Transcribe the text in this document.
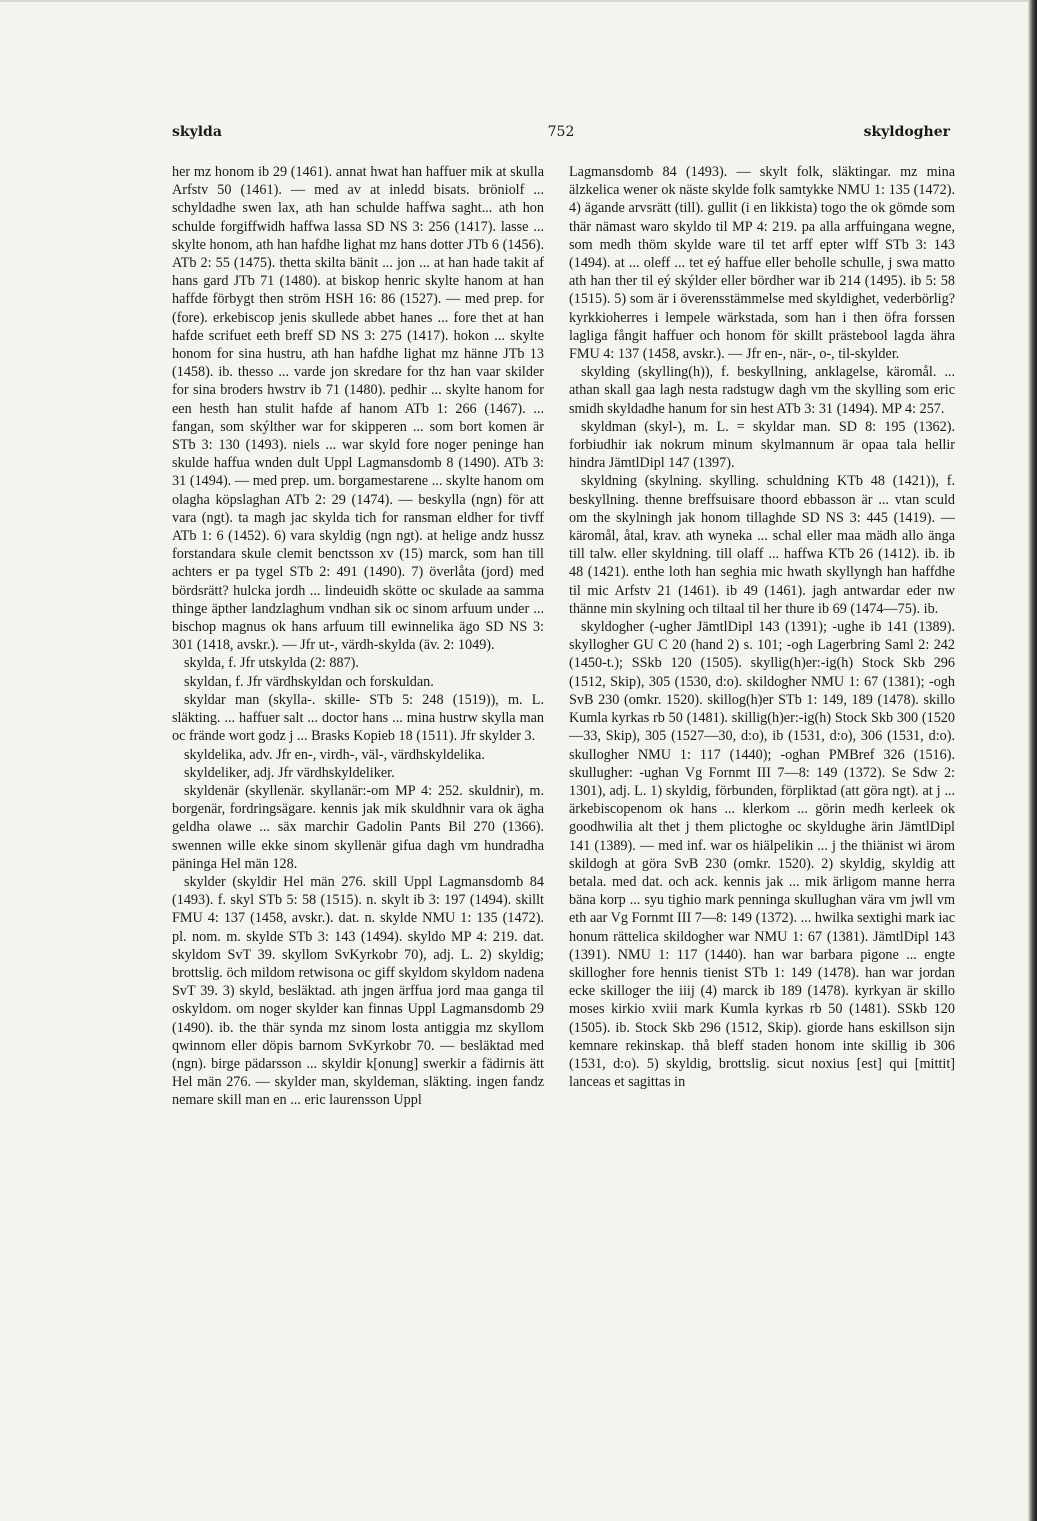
skylda	752	skyldogher

her mz honom ib 29 (1461). annat hwat han haffuer mik at skulla Arfstv 50 (1461). — med av at inledd bisats. bröniolf ... schyldadhe swen lax, ath han schulde haffwa saght... ath hon schulde forgiffwidh haffwa lassa SD NS 3: 256 (1417). lasse ... skylte honom, ath han hafdhe lighat mz hans dotter JTb 6 (1456). ATb 2: 55 (1475). thetta skilta bänit ... jon ... at han hade takit af hans gard JTb 71 (1480). at biskop henric skylte hanom at han haffde förbygt then ström HSH 16: 86 (1527). — med prep. for (fore). erkebiscop jenis skullede abbet hanes ... fore thet at han hafde scrifuet eeth breff SD NS 3: 275 (1417). hokon ... skylte honom for sina hustru, ath han hafdhe lighat mz hänne JTb 13 (1458). ib. thesso ... varde jon skredare for thz han vaar skilder for sina broders hwstrv ib 71 (1480). pedhir ... skylte hanom for een hesth han stulit hafde af hanom ATb 1: 266 (1467). ... fangan, som skýlther war for skipperen ... som bort komen är STb 3: 130 (1493). niels ... war skyld fore noger peninge han skulde haffua wnden dult Uppl Lagmansdomb 8 (1490). ATb 3: 31 (1494). — med prep. um. borgamestarene ... skylte hanom om olagha köpslaghan ATb 2: 29 (1474). — beskylla (ngn) för att vara (ngt). ta magh jac skylda tich for ransman eldher for tivff ATb 1: 6 (1452). 6) vara skyldig (ngn ngt). at helige andz hussz forstandara skule clemit benctsson xv (15) marck, som han till achters er pa tygel STb 2: 491 (1490). 7) överlåta (jord) med bördsrätt? hulcka jordh ... lindeuidh skötte oc skulade aa samma thinge äpther landzlaghum vndhan sik oc sinom arfuum under ... bischop magnus ok hans arfuum till ewinnelika ägo SD NS 3: 301 (1418, avskr.). — Jfr ut-, värdh-skylda (äv. 2: 1049).

skylda, f. Jfr utskylda (2: 887).

skyldan, f. Jfr värdhskyldan och forskuldan.

skyldar man (skylla-. skille- STb 5: 248 (1519)), m. L. släkting. ... haffuer salt ... doctor hans ... mina hustrw skylla man oc frände wort godz j ... Brasks Kopieb 18 (1511). Jfr skylder 3.

skyldelika, adv. Jfr en-, virdh-, väl-, värdhskyldelika.

skyldeliker, adj. Jfr värdhskyldeliker.

skyldenär (skyllenär. skyllanär:-om MP 4: 252. skuldnir), m. borgenär, fordringsägare. kennis jak mik skuldhnir vara ok ägha geldha olawe ... säx marchir Gadolin Pants Bil 270 (1366). swennen wille ekke sinom skyllenär gifua dagh vm hundradha päninga Hel män 128.

skylder (skyldir Hel män 276. skill Uppl Lagmansdomb 84 (1493). f. skyl STb 5: 58 (1515). n. skylt ib 3: 197 (1494). skillt FMU 4: 137 (1458, avskr.). dat. n. skylde NMU 1: 135 (1472). pl. nom. m. skylde STb 3: 143 (1494). skyldo MP 4: 219. dat. skyldom SvT 39. skyllom SvKyrkobr 70), adj. L. 2) skyldig; brottslig. öch mildom retwisona oc giff skyldom skyldom nadena SvT 39. 3) skyld, besläktad. ath jngen ärffua jord maa ganga til oskyldom. om noger skylder kan finnas Uppl Lagmansdomb 29 (1490). ib. the thär synda mz sinom losta antiggia mz skyllom qwinnom eller döpis barnom SvKyrkobr 70. — besläktad med (ngn). birge pädarsson ... skyldir k[onung] swerkir a fädirnis ätt Hel män 276. — skylder man, skyldeman, släkting. ingen fandz nemare skill man en ... eric laurensson Uppl

Lagmansdomb 84 (1493). — skylt folk, släktingar. mz mina älzkelica wener ok näste skylde folk samtykke NMU 1: 135 (1472). 4) ägande arvsrätt (till). gullit (i en likkista) togo the ok gömde som thär nämast waro skyldo til MP 4: 219. pa alla arffuingana wegne, som medh thöm skylde ware til tet arff epter wlff STb 3: 143 (1494). at ... oleff ... tet eý haffue eller beholle schulle, j swa matto ath han ther til eý skýlder eller bördher war ib 214 (1495). ib 5: 58 (1515). 5) som är i överensstämmelse med skyldighet, vederbörlig? kyrkkioherres i lempele wärkstada, som han i then öfra forssen lagliga fångit haffuer och honom för skillt prästebool lagda ähra FMU 4: 137 (1458, avskr.). — Jfr en-, när-, o-, til-skylder.

skylding (skylling(h)), f. beskyllning, anklagelse, käromål. ... athan skall gaa lagh nesta radstugw dagh vm the skylling som eric smidh skyldadhe hanum for sin hest ATb 3: 31 (1494). MP 4: 257.

skyldman (skyl-), m. L. = skyldar man. SD 8: 195 (1362). forbiudhir iak nokrum minum skylmannum är opaa tala hellir hindra JämtlDipl 147 (1397).

skyldning (skylning. skylling. schuldning KTb 48 (1421)), f. beskyllning. thenne breffsuisare thoord ebbasson är ... vtan sculd om the skylningh jak honom tillaghde SD NS 3: 445 (1419). — käromål, åtal, krav. ath wyneka ... schal eller maa mädh allo änga till talw. eller skyldning. till olaff ... haffwa KTb 26 (1412). ib. ib 48 (1421). enthe loth han seghia mic hwath skyllyngh han haffdhe til mic Arfstv 21 (1461). ib 49 (1461). jagh antwardar eder nw thänne min skylning och tiltaal til her thure ib 69 (1474—75). ib.

skyldogher (-ugher JämtlDipl 143 (1391); -ughe ib 141 (1389). skyllogher GU C 20 (hand 2) s. 101; -ogh Lagerbring Saml 2: 242 (1450-t.); SSkb 120 (1505). skyllig(h)er:-ig(h) Stock Skb 296 (1512, Skip), 305 (1530, d:o). skildogher NMU 1: 67 (1381); -ogh SvB 230 (omkr. 1520). skillog(h)er STb 1: 149, 189 (1478). skillo Kumla kyrkas rb 50 (1481). skillig(h)er:-ig(h) Stock Skb 300 (1520—33, Skip), 305 (1527—30, d:o), ib (1531, d:o), 306 (1531, d:o). skullogher NMU 1: 117 (1440); -oghan PMBref 326 (1516). skullugher: -ughan Vg Fornmt III 7—8: 149 (1372). Se Sdw 2: 1301), adj. L. 1) skyldig, förbunden, förpliktad (att göra ngt). at j ... ärkebiscopenom ok hans ... klerkom ... görin medh kerleek ok goodhwilia alt thet j them plictoghe oc skyldughe ärin JämtlDipl 141 (1389). — med inf. war os hiälpelikin ... j the thiänist wi ärom skildogh at göra SvB 230 (omkr. 1520). 2) skyldig, skyldig att betala. med dat. och ack. kennis jak ... mik ärligom manne herra bäna korp ... syu tighio mark penninga skullughan vära vm jwll vm eth aar Vg Fornmt III 7—8: 149 (1372). ... hwilka sextighi mark iac honum rättelica skildogher war NMU 1: 67 (1381). JämtlDipl 143 (1391). NMU 1: 117 (1440). han war barbara pigone ... engte skillogher fore hennis tienist STb 1: 149 (1478). han war jordan ecke skilloger the iiij (4) marck ib 189 (1478). kyrkyan är skillo moses kirkio xviii mark Kumla kyrkas rb 50 (1481). SSkb 120 (1505). ib. Stock Skb 296 (1512, Skip). giorde hans eskillson sijn kemnare rekinskap. thå bleff staden honom inte skillig ib 306 (1531, d:o). 5) skyldig, brottslig. sicut noxius [est] qui [mittit] lanceas et sagittas in
